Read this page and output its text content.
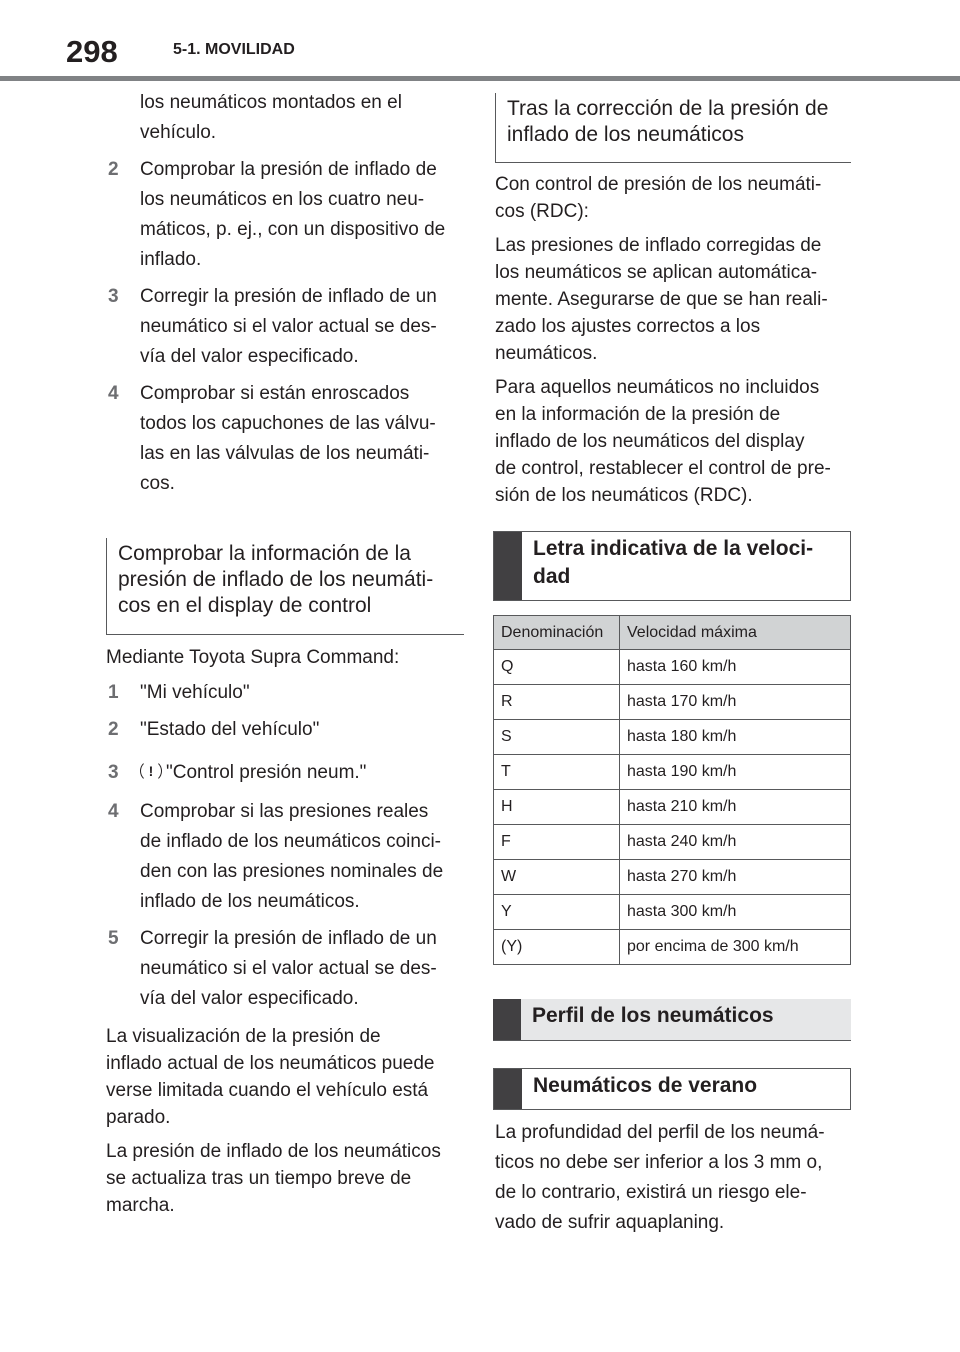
298	5-1. MOVILIDAD
los neumáticos montados en el
vehículo.
2 Comprobar la presión de inflado de
los neumáticos en los cuatro neu-
máticos, p. ej., con un dispositivo de
inflado.
3 Corregir la presión de inflado de un
neumático si el valor actual se des-
vía del valor especificado.
4 Comprobar si están enroscados
todos los capuchones de las válvu-
las en las válvulas de los neumáti-
cos.
Comprobar la información de la
presión de inflado de los neumáti-
cos en el display de control
Mediante Toyota Supra Command:
1 "Mi vehículo"
2 "Estado del vehículo"
3	! "Control presión neum."
4 Comprobar si las presiones reales
de inflado de los neumáticos coinci-
den con las presiones nominales de
inflado de los neumáticos.
5 Corregir la presión de inflado de un
neumático si el valor actual se des-
vía del valor especificado.
La visualización de la presión de
inflado actual de los neumáticos puede
verse limitada cuando el vehículo está
parado.
La presión de inflado de los neumáticos
se actualiza tras un tiempo breve de
marcha.
Tras la corrección de la presión de
inflado de los neumáticos
Con control de presión de los neumáti-
cos (RDC):
Las presiones de inflado corregidas de
los neumáticos se aplican automática-
mente. Asegurarse de que se han reali-
zado los ajustes correctos a los
neumáticos.
Para aquellos neumáticos no incluidos
en la información de la presión de
inflado de los neumáticos del display
de control, restablecer el control de pre-
sión de los neumáticos (RDC).
Letra indicativa de la veloci-
dad
Denominación	Velocidad máxima
Q	hasta 160 km/h
R	hasta 170 km/h
S	hasta 180 km/h
T	hasta 190 km/h
H	hasta 210 km/h
F	hasta 240 km/h
W	hasta 270 km/h
Y	hasta 300 km/h
(Y)	por encima de 300 km/h
Perfil de los neumáticos
Neumáticos de verano
La profundidad del perfil de los neumá-
ticos no debe ser inferior a los 3 mm o,
de lo contrario, existirá un riesgo ele-
vado de sufrir aquaplaning.
